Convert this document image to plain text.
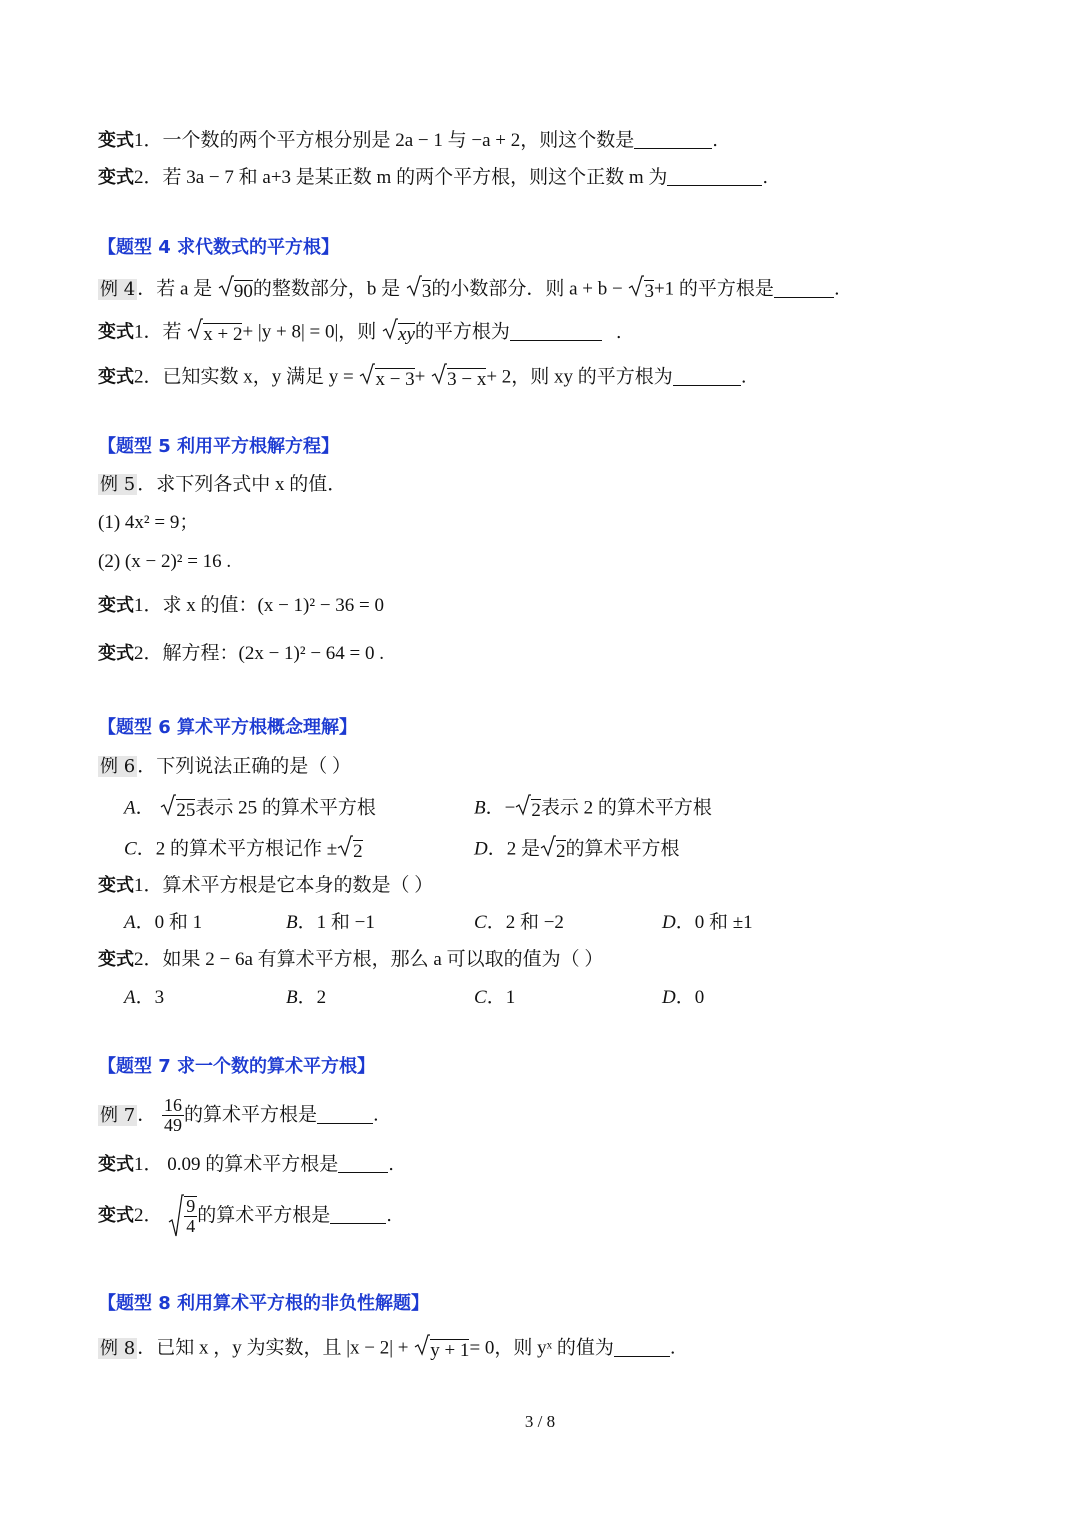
变式1．一个数的两个平方根分别是 2a − 1 与 −a + 2，则这个数是	.
变式2．若 3a − 7 和 a+3 是某正数 m 的两个平方根，则这个正数 m 为	.
【题型 4 求代数式的平方根】
例 4 ．若 a 是 90的整数部分，b 是 3的小数部分．则 a + b − 3+1 的平方根是	.
变式1．若 x + 2+ |y + 8| = 0|，则 xy的平方根为	.
变式2．已知实数 x，y 满足 y = x − 3+ 3 − x+ 2，则 xy 的平方根为	.
【题型 5 利用平方根解方程】
例 5 ．求下列各式中 x 的值．
(1) 4x² = 9；
(2) (x − 2)² = 16 .
变式1．求 x 的值：(x − 1)² − 36 = 0
变式2．解方程：(2x − 1)² − 64 = 0 .
【题型 6 算术平方根概念理解】
例 6 ．下列说法正确的是（ ）
A． 25表示 25 的算术平方根	B．− 2表示 2 的算术平方根
C．2 的算术平方根记作 ± 2	D．2 是 2的算术平方根
变式1．算术平方根是它本身的数是（ ）
A．0 和 1	B．1 和 −1	C．2 和 −2	D．0 和 ±1
变式2．如果 2 − 6a 有算术平方根，那么 a 可以取的值为（ ）
A．3	B．2	C．1	D．0
【题型 7 求一个数的算术平方根】
例 7 ． $\frac{16}{49}$ 的算术平方根是	.
变式1． 0.09 的算术平方根是	.
变式2． $\frac{9}{4}$ 的算术平方根是	.
【题型 8 利用算术平方根的非负性解题】
例 8 ．已知 x ，y 为实数，且 |x − 2| + y + 1= 0，则 yˣ 的值为	.
3 / 8
